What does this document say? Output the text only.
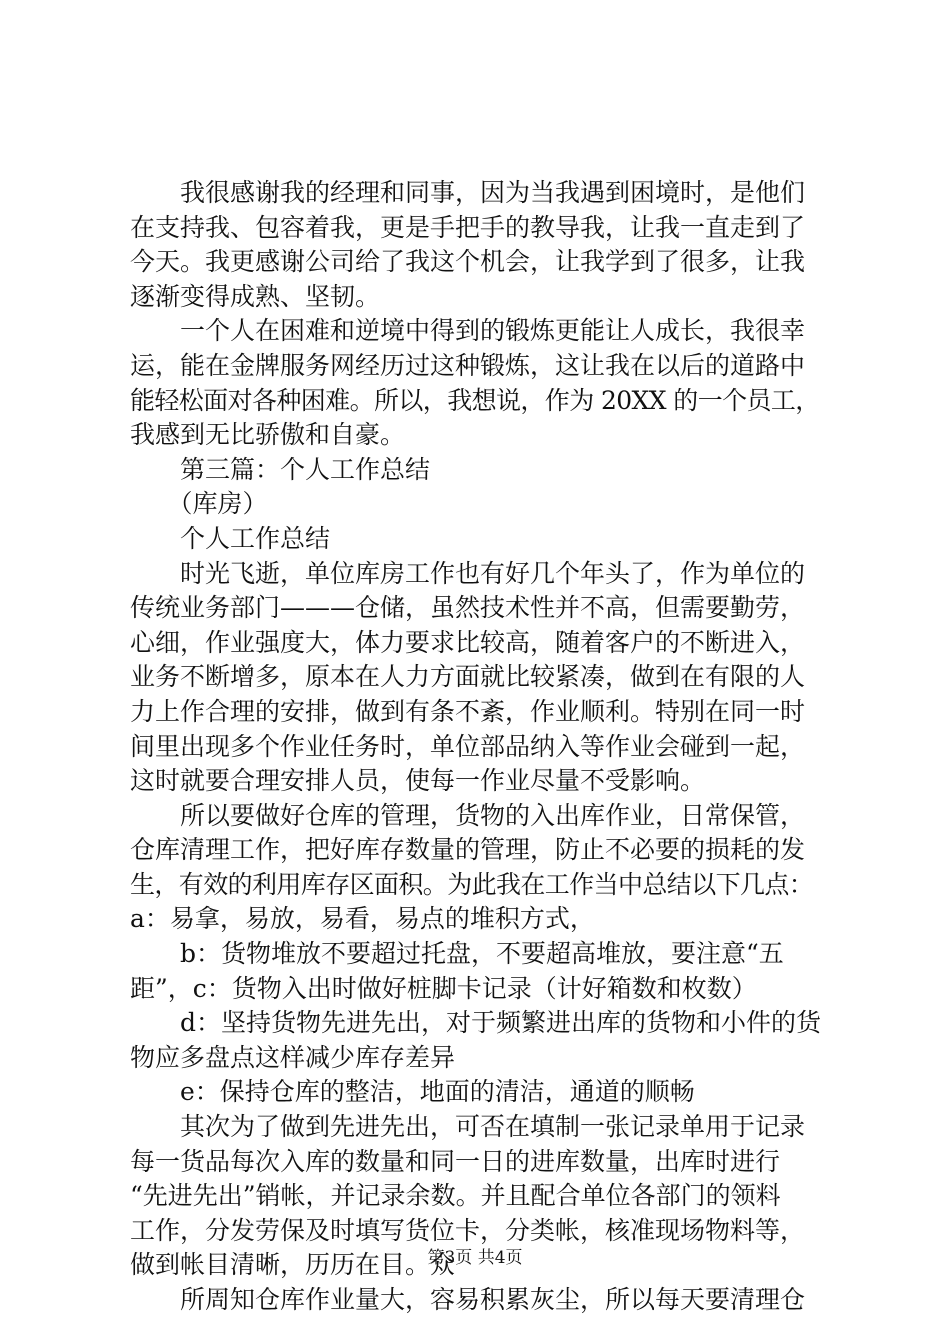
　　我很感谢我的经理和同事，因为当我遇到困境时，是他们
在支持我、包容着我，更是手把手的教导我，让我一直走到了
今天。我更感谢公司给了我这个机会，让我学到了很多，让我
逐渐变得成熟、坚韧。
　　一个人在困难和逆境中得到的锻炼更能让人成长，我很幸
运，能在金牌服务网经历过这种锻炼，这让我在以后的道路中
能轻松面对各种困难。所以，我想说，作为 20XX 的一个员工，
我感到无比骄傲和自豪。
　　第三篇：个人工作总结
　　（库房）
　　个人工作总结
　　时光飞逝，单位库房工作也有好几个年头了，作为单位的
传统业务部门———仓储，虽然技术性并不高，但需要勤劳，
心细，作业强度大，体力要求比较高，随着客户的不断进入，
业务不断增多，原本在人力方面就比较紧凑，做到在有限的人
力上作合理的安排，做到有条不紊，作业顺利。特别在同一时
间里出现多个作业任务时，单位部品纳入等作业会碰到一起，
这时就要合理安排人员，使每一作业尽量不受影响。
　　所以要做好仓库的管理，货物的入出库作业，日常保管，
仓库清理工作，把好库存数量的管理，防止不必要的损耗的发
生，有效的利用库存区面积。为此我在工作当中总结以下几点：
a：易拿，易放，易看，易点的堆积方式，
　　b：货物堆放不要超过托盘，不要超高堆放，要注意“五
距”，c：货物入出时做好桩脚卡记录（计好箱数和枚数）
　　d：坚持货物先进先出，对于频繁进出库的货物和小件的货
物应多盘点这样减少库存差异
　　e：保持仓库的整洁，地面的清洁，通道的顺畅
　　其次为了做到先进先出，可否在填制一张记录单用于记录
每一货品每次入库的数量和同一日的进库数量，出库时进行
“先进先出”销帐，并记录余数。并且配合单位各部门的领料
工作，分发劳保及时填写货位卡，分类帐，核准现场物料等，
做到帐目清晰，历历在目。众
　　所周知仓库作业量大，容易积累灰尘，所以每天要清理仓
第3页 共4页
